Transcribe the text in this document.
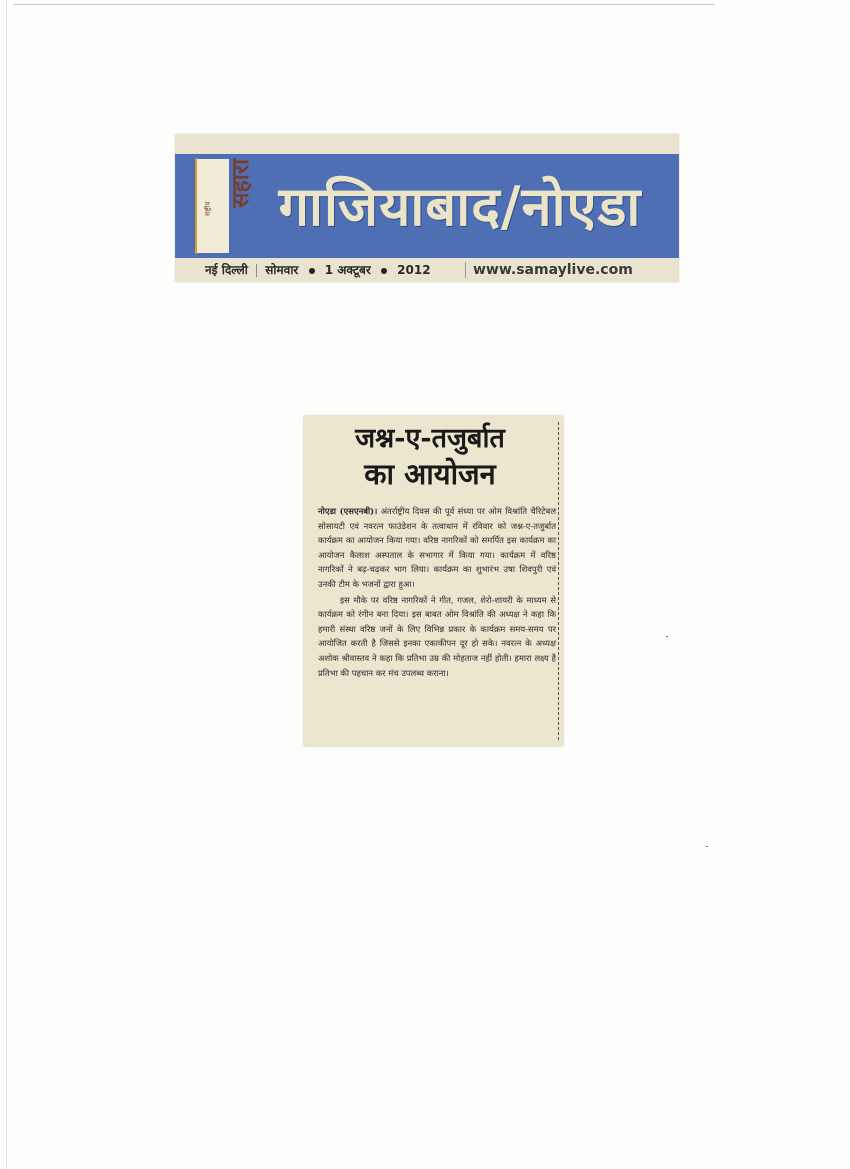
राष्ट्रीय
सहारा गाजियाबाद/नोएडा
नई दिल्ली सोमवार 1 अक्टूबर 2012	www.samaylive.com
जश्न-ए-तजुर्बात
का आयोजन

नोएडा (एसएनबी)। अंतर्राष्ट्रीय दिवस की पूर्व संध्या पर ओम विश्रांति चैरिटेबल सोसायटी एवं नवरत्न फाउंडेशन के तत्वाधान में रविवार को जश्न-ए-तजुर्बात कार्यक्रम का आयोजन किया गया। वरिष्ठ नागरिकों को समर्पित इस कार्यक्रम का आयोजन कैलाश अस्पताल के सभागार में किया गया। कार्यक्रम में वरिष्ठ नागरिकों ने बढ़-चढ़कर भाग लिया। कार्यक्रम का शुभारंभ उषा शिवपुरी एवं उनकी टीम के भजनों द्वारा हुआ।

इस मौके पर वरिष्ठ नागरिकों ने गीत, गजल, शेरो-शायरी के माध्यम से कार्यक्रम को रंगीन बना दिया। इस बाबत ओम विश्रांति की अध्यक्ष ने कहा कि हमारी संस्था वरिष्ठ जनों के लिए विभिन्न प्रकार के कार्यक्रम समय-समय पर आयोजित करती है जिससे इनका एकाकीपन दूर हो सके। नवरत्न के अध्यक्ष अशोक श्रीवास्तव ने कहा कि प्रतिभा उम्र की मोहताज नहीं होती। हमारा लक्ष्य है प्रतिभा की पहचान कर मंच उपलब्ध कराना।
